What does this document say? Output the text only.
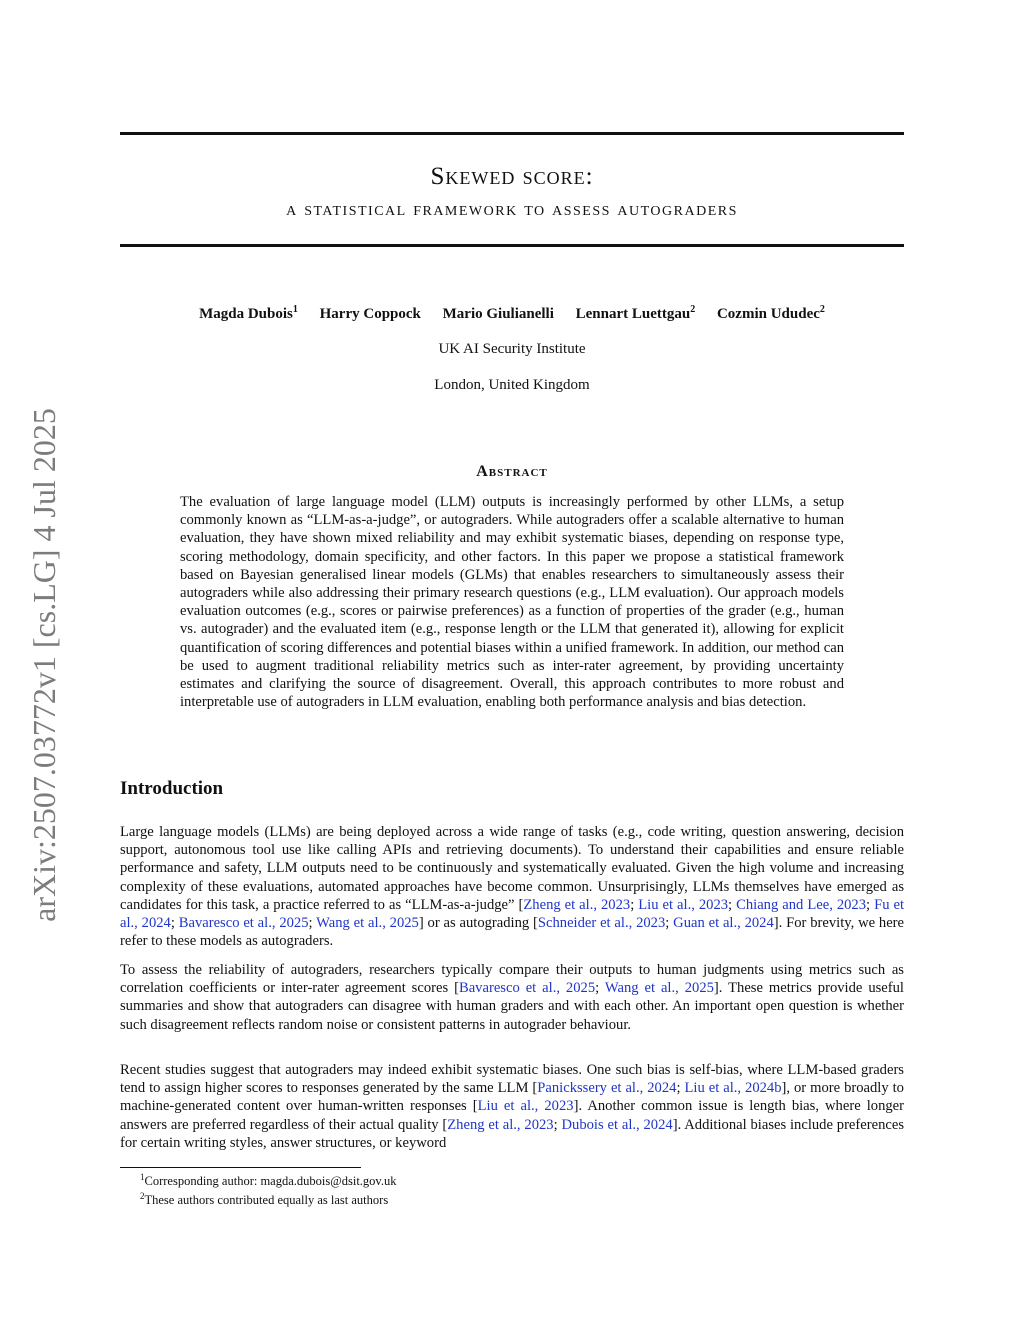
arXiv:2507.03772v1 [cs.LG] 4 Jul 2025
Skewed score:
a statistical framework to assess autograders
Magda Dubois$^1$ Harry Coppock Mario Giulianelli Lennart Luettgau$^2$ Cozmin Ududec$^2$
UK AI Security Institute
London, United Kingdom
Abstract
The evaluation of large language model (LLM) outputs is increasingly performed by other LLMs, a setup commonly known as “LLM-as-a-judge”, or autograders. While autograders offer a scalable alternative to human evaluation, they have shown mixed reliability and may exhibit systematic biases, depending on response type, scoring methodology, domain specificity, and other factors. In this paper we propose a statistical framework based on Bayesian generalised linear models (GLMs) that enables researchers to simultaneously assess their autograders while also addressing their primary research questions (e.g., LLM evaluation). Our approach models evaluation outcomes (e.g., scores or pairwise preferences) as a function of properties of the grader (e.g., human vs. autograder) and the evaluated item (e.g., response length or the LLM that generated it), allowing for explicit quantification of scoring differences and potential biases within a unified framework. In addition, our method can be used to augment traditional reliability metrics such as inter-rater agreement, by providing uncertainty estimates and clarifying the source of disagreement. Overall, this approach contributes to more robust and interpretable use of autograders in LLM evaluation, enabling both performance analysis and bias detection.
Introduction

Large language models (LLMs) are being deployed across a wide range of tasks (e.g., code writing, question answering, decision support, autonomous tool use like calling APIs and retrieving documents). To understand their capabilities and ensure reliable performance and safety, LLM outputs need to be continuously and systematically evaluated. Given the high volume and increasing complexity of these evaluations, automated approaches have become common. Unsurprisingly, LLMs themselves have emerged as candidates for this task, a practice referred to as “LLM-as-a-judge” [Zheng et al., 2023; Liu et al., 2023; Chiang and Lee, 2023; Fu et al., 2024; Bavaresco et al., 2025; Wang et al., 2025] or as autograding [Schneider et al., 2023; Guan et al., 2024]. For brevity, we here refer to these models as autograders.

To assess the reliability of autograders, researchers typically compare their outputs to human judgments using metrics such as correlation coefficients or inter-rater agreement scores [Bavaresco et al., 2025; Wang et al., 2025]. These metrics provide useful summaries and show that autograders can disagree with human graders and with each other. An important open question is whether such disagreement reflects random noise or consistent patterns in autograder behaviour.

Recent studies suggest that autograders may indeed exhibit systematic biases. One such bias is self-bias, where LLM-based graders tend to assign higher scores to responses generated by the same LLM [Panickssery et al., 2024; Liu et al., 2024b], or more broadly to machine-generated content over human-written responses [Liu et al., 2023]. Another common issue is length bias, where longer answers are preferred regardless of their actual quality [Zheng et al., 2023; Dubois et al., 2024]. Additional biases include preferences for certain writing styles, answer structures, or keyword

$^1$Corresponding author: magda.dubois@dsit.gov.uk
$^2$These authors contributed equally as last authors
